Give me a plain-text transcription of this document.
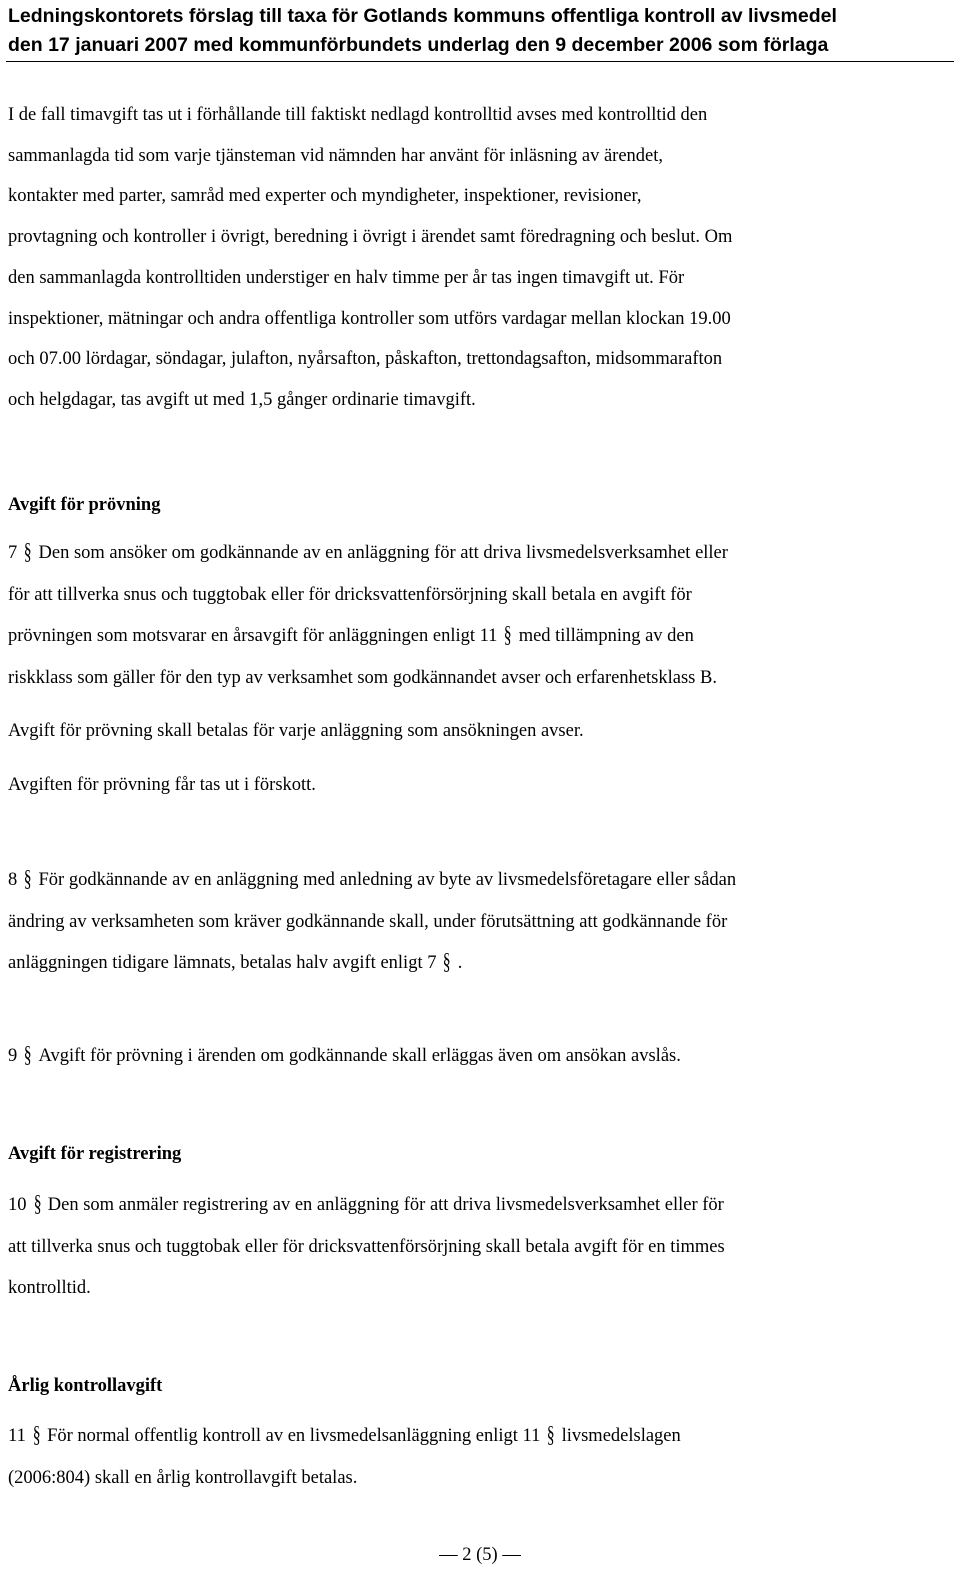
Ledningskontorets förslag till taxa för Gotlands kommuns offentliga kontroll av livsmedel
den 17 januari 2007 med kommunförbundets underlag den 9 december 2006 som förlaga
I de fall timavgift tas ut i förhållande till faktiskt nedlagd kontrolltid avses med kontrolltid den
sammanlagda tid som varje tjänsteman vid nämnden har använt för inläsning av ärendet,
kontakter med parter, samråd med experter och myndigheter, inspektioner, revisioner,
provtagning och kontroller i övrigt, beredning i övrigt i ärendet samt föredragning och beslut. Om
den sammanlagda kontrolltiden understiger en halv timme per år tas ingen timavgift ut. För
inspektioner, mätningar och andra offentliga kontroller som utförs vardagar mellan klockan 19.00
och 07.00 lördagar, söndagar, julafton, nyårsafton, påskafton, trettondagsafton, midsommarafton
och helgdagar, tas avgift ut med 1,5 gånger ordinarie timavgift.
Avgift för prövning
7 § Den som ansöker om godkännande av en anläggning för att driva livsmedelsverksamhet eller
för att tillverka snus och tuggtobak eller för dricksvattenförsörjning skall betala en avgift för
prövningen som motsvarar en årsavgift för anläggningen enligt 11 § med tillämpning av den
riskklass som gäller för den typ av verksamhet som godkännandet avser och erfarenhetsklass B.
Avgift för prövning skall betalas för varje anläggning som ansökningen avser.
Avgiften för prövning får tas ut i förskott.
8 § För godkännande av en anläggning med anledning av byte av livsmedelsföretagare eller sådan
ändring av verksamheten som kräver godkännande skall, under förutsättning att godkännande för
anläggningen tidigare lämnats, betalas halv avgift enligt 7 § .
9 § Avgift för prövning i ärenden om godkännande skall erläggas även om ansökan avslås.
Avgift för registrering
10 § Den som anmäler registrering av en anläggning för att driva livsmedelsverksamhet eller för
att tillverka snus och tuggtobak eller för dricksvattenförsörjning skall betala avgift för en timmes
kontrolltid.
Årlig kontrollavgift
11 § För normal offentlig kontroll av en livsmedelsanläggning enligt 11 § livsmedelslagen
(2006:804) skall en årlig kontrollavgift betalas.
— 2 (5) —
